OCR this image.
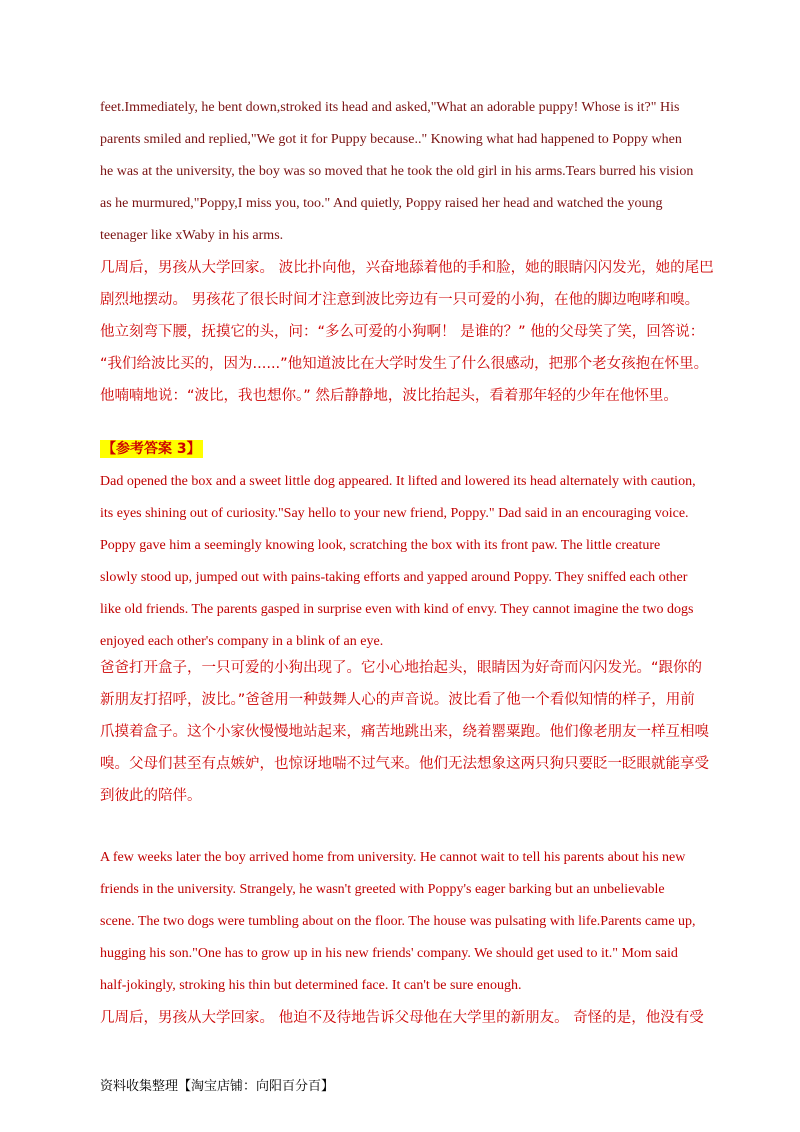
feet.Immediately, he bent down,stroked its head and asked,"What an adorable puppy! Whose is it?" His

parents smiled and replied,"We got it for Puppy because.." Knowing what had happened to Poppy when

he was at the university, the boy was so moved that he took the old girl in his arms.Tears burred his vision

as he murmured,"Poppy,I miss you, too." And quietly, Poppy raised her head and watched the young

teenager like xWaby in his arms.

几周后，男孩从大学回家。 波比扑向他，兴奋地舔着他的手和脸，她的眼睛闪闪发光，她的尾巴

剧烈地摆动。 男孩花了很长时间才注意到波比旁边有一只可爱的小狗，在他的脚边咆哮和嗅。

他立刻弯下腰，抚摸它的头，问：“多么可爱的小狗啊！ 是谁的？” 他的父母笑了笑，回答说：

“我们给波比买的，因为......”他知道波比在大学时发生了什么很感动，把那个老女孩抱在怀里。

他喃喃地说：“波比，我也想你。” 然后静静地，波比抬起头，看着那年轻的少年在他怀里。

【参考答案 3】

Dad opened the box and a sweet little dog appeared. It lifted and lowered its head alternately with caution,

its eyes shining out of curiosity."Say hello to your new friend, Poppy." Dad said in an encouraging voice.

Poppy gave him a seemingly knowing look, scratching the box with its front paw. The little creature

slowly stood up, jumped out with pains-taking efforts and yapped around Poppy. They sniffed each other

like old friends. The parents gasped in surprise even with kind of envy. They cannot imagine the two dogs

enjoyed each other's company in a blink of an eye.

爸爸打开盒子，一只可爱的小狗出现了。它小心地抬起头，眼睛因为好奇而闪闪发光。“跟你的

新朋友打招呼，波比。”爸爸用一种鼓舞人心的声音说。波比看了他一个看似知情的样子，用前

爪摸着盒子。这个小家伙慢慢地站起来，痛苦地跳出来，绕着罂粟跑。他们像老朋友一样互相嗅

嗅。父母们甚至有点嫉妒，也惊讶地喘不过气来。他们无法想象这两只狗只要眨一眨眼就能享受

到彼此的陪伴。

A few weeks later the boy arrived home from university. He cannot wait to tell his parents about his new

friends in the university. Strangely, he wasn't greeted with Poppy's eager barking but an unbelievable

scene. The two dogs were tumbling about on the floor. The house was pulsating with life.Parents came up,

hugging his son."One has to grow up in his new friends' company. We should get used to it." Mom said

half-jokingly, stroking his thin but determined face. It can't be sure enough.

几周后，男孩从大学回家。 他迫不及待地告诉父母他在大学里的新朋友。 奇怪的是，他没有受

资料收集整理【淘宝店铺：向阳百分百】
